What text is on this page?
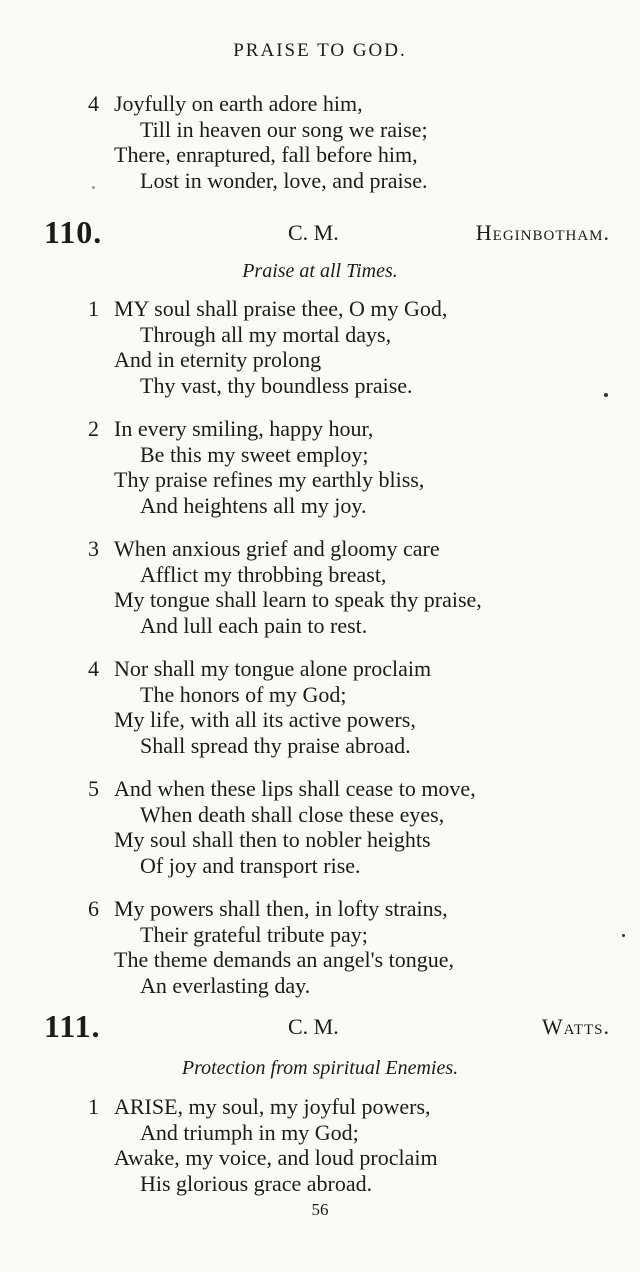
PRAISE TO GOD.
4 Joyfully on earth adore him,
Till in heaven our song we raise;
There, enraptured, fall before him,
Lost in wonder, love, and praise.
110.	C. M.	Heginbotham.
Praise at all Times.
1 MY soul shall praise thee, O my God,
Through all my mortal days,
And in eternity prolong
Thy vast, thy boundless praise.
2 In every smiling, happy hour,
Be this my sweet employ;
Thy praise refines my earthly bliss,
And heightens all my joy.
3 When anxious grief and gloomy care
Afflict my throbbing breast,
My tongue shall learn to speak thy praise,
And lull each pain to rest.
4 Nor shall my tongue alone proclaim
The honors of my God;
My life, with all its active powers,
Shall spread thy praise abroad.
5 And when these lips shall cease to move,
When death shall close these eyes,
My soul shall then to nobler heights
Of joy and transport rise.
6 My powers shall then, in lofty strains,
Their grateful tribute pay;
The theme demands an angel's tongue,
An everlasting day.
111.	C. M.	Watts.
Protection from spiritual Enemies.
1 ARISE, my soul, my joyful powers,
And triumph in my God;
Awake, my voice, and loud proclaim
His glorious grace abroad.
56
